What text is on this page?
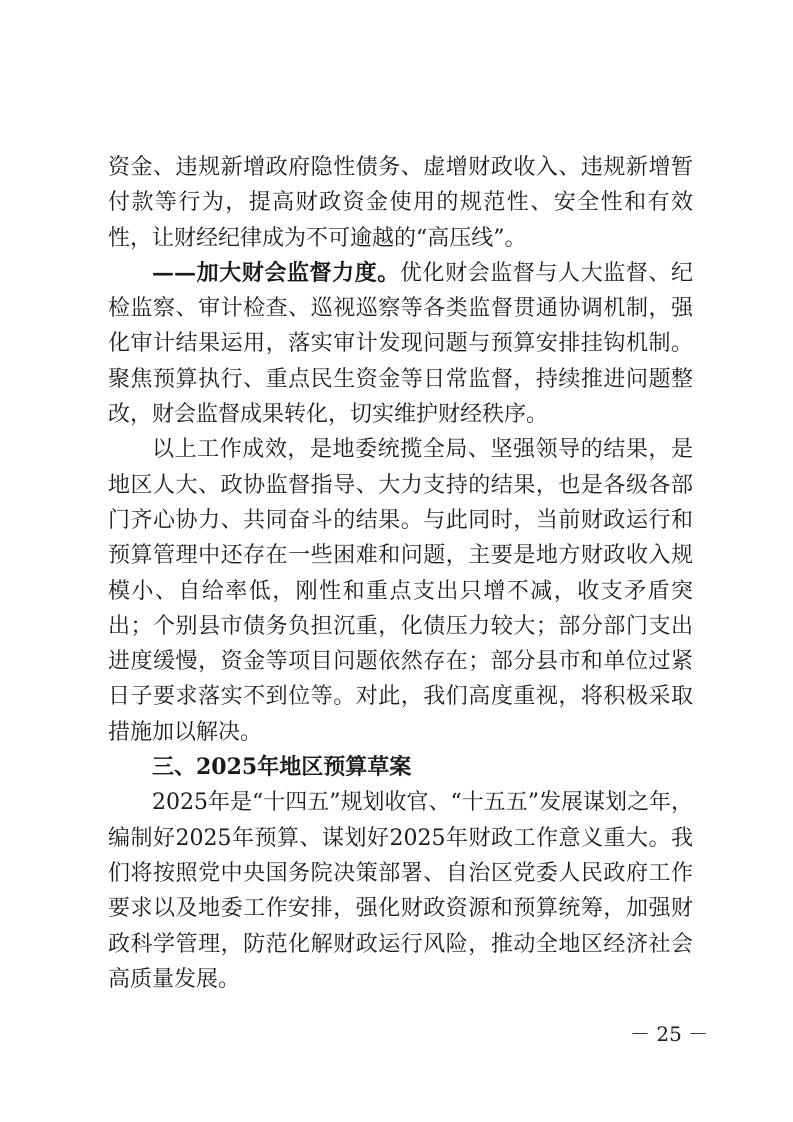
资金、违规新增政府隐性债务、虚增财政收入、违规新增暂付款等行为，提高财政资金使用的规范性、安全性和有效性，让财经纪律成为不可逾越的“高压线”。

——加大财会监督力度。优化财会监督与人大监督、纪检监察、审计检查、巡视巡察等各类监督贯通协调机制，强化审计结果运用，落实审计发现问题与预算安排挂钩机制。聚焦预算执行、重点民生资金等日常监督，持续推进问题整改，财会监督成果转化，切实维护财经秩序。

以上工作成效，是地委统揽全局、坚强领导的结果，是地区人大、政协监督指导、大力支持的结果，也是各级各部门齐心协力、共同奋斗的结果。与此同时，当前财政运行和预算管理中还存在一些困难和问题，主要是地方财政收入规模小、自给率低，刚性和重点支出只增不减，收支矛盾突出；个别县市债务负担沉重，化债压力较大；部分部门支出进度缓慢，资金等项目问题依然存在；部分县市和单位过紧日子要求落实不到位等。对此，我们高度重视，将积极采取措施加以解决。

三、2025年地区预算草案

2025年是“十四五”规划收官、“十五五”发展谋划之年，编制好2025年预算、谋划好2025年财政工作意义重大。我们将按照党中央国务院决策部署、自治区党委人民政府工作要求以及地委工作安排，强化财政资源和预算统筹，加强财政科学管理，防范化解财政运行风险，推动全地区经济社会高质量发展。

－ 25 －
